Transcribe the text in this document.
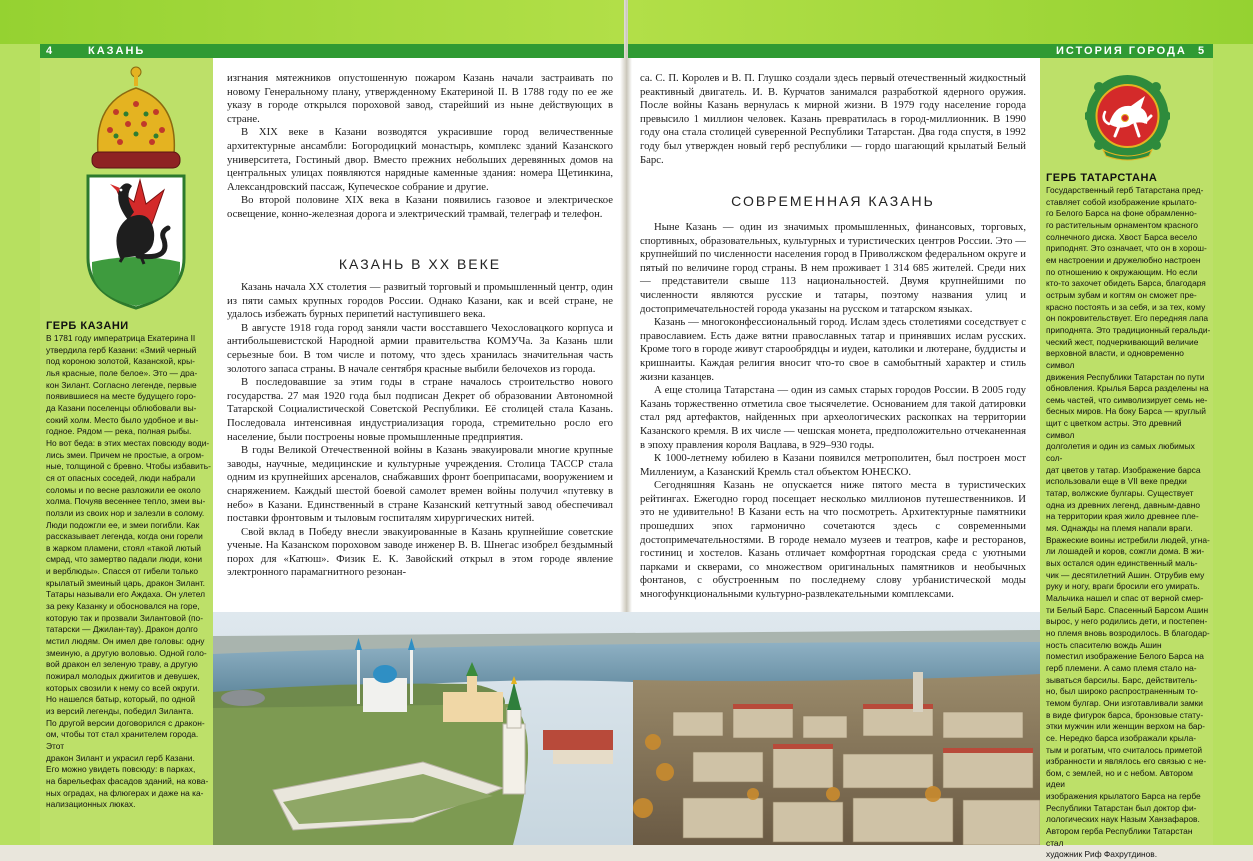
4	КАЗАНЬ	ИСТОРИЯ ГОРОДА 5
ГЕРБ КАЗАНИ
В 1781 году императрица Екатерина II
утвердила герб Казани: «Змий черный
под короною золотой, Казанской, кры-
лья красные, поле белое». Это — дра-
кон Зилант. Согласно легенде, первые
появившиеся на месте будущего горо-
да Казани поселенцы облюбовали вы-
сокий холм. Место было удобное и вы-
годное. Рядом — река, полная рыбы.
Но вот беда: в этих местах повсюду води-
лись змеи. Причем не простые, а огром-
ные, толщиной с бревно. Чтобы избавить-
ся от опасных соседей, люди набрали
соломы и по весне разложили ее около
холма. Почуяв весеннее тепло, змеи вы-
ползли из своих нор и залезли в солому.
Люди подожгли ее, и змеи погибли. Как
рассказывает легенда, когда они горели
в жарком пламени, стоял «такой лютый
смрад, что замертво падали люди, кони
и верблюды». Спасся от гибели только
крылатый змеиный царь, дракон Зилант.
Татары называли его Аждаха. Он улетел
за реку Казанку и обосновался на горе,
которую так и прозвали Зилантовой (по-
татарски — Джилан-тау). Дракон долго
мстил людям. Он имел две головы: одну
змеиную, а другую воловью. Одной голо-
вой дракон ел зеленую траву, а другую
пожирал молодых джигитов и девушек,
которых свозили к нему со всей округи.
Но нашелся батыр, который, по одной
из версий легенды, победил Зиланта.
По другой версии договорился с дракон-
ом, чтобы тот стал хранителем города. Этот
дракон Зилант и украсил герб Казани.
Его можно увидеть повсюду: в парках,
на барельефах фасадов зданий, на кова-
ных оградах, на флюгерах и даже на ка-
нализационных люках.
ГЕРБ ТАТАРСТАНА
Государственный герб Татарстана пред-
ставляет собой изображение крылато-
го Белого Барса на фоне обрамленно-
го растительным орнаментом красного
солнечного диска. Хвост Барса весело
приподнят. Это означает, что он в хорош-
ем настроении и дружелюбно настроен
по отношению к окружающим. Но если
кто-то захочет обидеть Барса, благодаря
острым зубам и когтям он сможет пре-
красно постоять и за себя, и за тех, кому
он покровительствует. Его передняя лапа
приподнята. Это традиционный геральди-
ческий жест, подчеркивающий величие
верховной власти, и одновременно символ
движения Республики Татарстан по пути
обновления. Крылья Барса разделены на
семь частей, что символизирует семь не-
бесных миров. На боку Барса — круглый
щит с цветком астры. Это древний символ
долголетия и один из самых любимых сол-
дат цветов у татар. Изображение барса
использовали еще в VII веке предки
татар, волжские булгары. Существует
одна из древних легенд, давным-давно
на территории края жило древнее пле-
мя. Однажды на племя напали враги.
Вражеские воины истребили людей, угна-
ли лошадей и коров, сожгли дома. В жи-
вых остался один единственный маль-
чик — десятилетний Ашин. Отрубив ему
руку и ногу, враги бросили его умирать.
Мальчика нашел и спас от верной смер-
ти Белый Барс. Спасенный Барсом Ашин
вырос, у него родились дети, и постепен-
но племя вновь возродилось. В благодар-
ность спасителю вождь Ашин
поместил изображение Белого Барса на
герб племени. А само племя стало на-
зываться барсилы. Барс, действитель-
но, был широко распространенным то-
темом булгар. Они изготавливали замки
в виде фигурок барса, бронзовые стату-
этки мужчин или женщин верхом на бар-
се. Нередко барса изображали крыла-
тым и рогатым, что считалось приметой
избранности и являлось его связью с не-
бом, с землей, но и с небом. Автором идеи
изображения крылатого Барса на гербе
Республики Татарстан был доктор фи-
лологических наук Назым Ханзафаров.
Автором герба Республики Татарстан стал
художник Риф Фахрутдинов.

изгнания мятежников опустошенную пожаром Казань начали застраивать по новому Генеральному плану, утвержденному Екатериной II. В 1788 году по ее же указу в городе открылся пороховой завод, старейший из ныне действующих в стране.

В XIX веке в Казани возводятся украсившие город величественные архитектурные ансамбли: Богородицкий монастырь, комплекс зданий Казанского университета, Гостиный двор. Вместо прежних небольших деревянных домов на центральных улицах появляются нарядные каменные здания: номера Щетинкина, Александровский пассаж, Купеческое собрание и другие.

Во второй половине XIX века в Казани появились газовое и электрическое освещение, конно-железная дорога и электрический трамвай, телеграф и телефон.

КАЗАНЬ В XX ВЕКЕ

Казань начала XX столетия — развитый торговый и промышленный центр, один из пяти самых крупных городов России. Однако Казани, как и всей стране, не удалось избежать бурных перипетий наступившего века.

В августе 1918 года город заняли части восставшего Чехословацкого корпуса и антибольшевистской Народной армии правительства КОМУЧа. За Казань шли серьезные бои. В том числе и потому, что здесь хранилась значительная часть золотого запаса страны. В начале сентября красные выбили белочехов из города.

В последовавшие за этим годы в стране началось строительство нового государства. 27 мая 1920 года был подписан Декрет об образовании Автономной Татарской Социалистической Советской Республики. Её столицей стала Казань. Последовала интенсивная индустриализация города, стремительно росло его население, были построены новые промышленные предприятия.

В годы Великой Отечественной войны в Казань эвакуировали многие крупные заводы, научные, медицинские и культурные учреждения. Столица ТАССР стала одним из крупнейших арсеналов, снабжавших фронт боеприпасами, вооружением и снаряжением. Каждый шестой боевой самолет времен войны получил «путевку в небо» в Казани. Единственный в стране Казанский кетгутный завод обеспечивал поставки фронтовым и тыловым госпиталям хирургических нитей.

Свой вклад в Победу внесли эвакуированные в Казань крупнейшие советские ученые. На Казанском пороховом заводе инженер В. В. Шнегас изобрел бездымный порох для «Катюш». Физик Е. К. Завойский открыл в этом городе явление электронного парамагнитного резонан-

са. С. П. Королев и В. П. Глушко создали здесь первый отечественный жидкостный реактивный двигатель. И. В. Курчатов занимался разработкой ядерного оружия. После войны Казань вернулась к мирной жизни. В 1979 году население города превысило 1 миллион человек. Казань превратилась в город-миллионник. В 1990 году она стала столицей суверенной Республики Татарстан. Два года спустя, в 1992 году был утвержден новый герб республики — гордо шагающий крылатый Белый Барс.

СОВРЕМЕННАЯ КАЗАНЬ

Ныне Казань — один из значимых промышленных, финансовых, торговых, спортивных, образовательных, культурных и туристических центров России. Это — крупнейший по численности населения город в Приволжском федеральном округе и пятый по величине город страны. В нем проживает 1 314 685 жителей. Среди них — представители свыше 113 национальностей. Двумя крупнейшими по численности являются русские и татары, поэтому названия улиц и достопримечательностей города указаны на русском и татарском языках.

Казань — многоконфессиональный город. Ислам здесь столетиями соседствует с православием. Есть даже вятни православных татар и принявших ислам русских. Кроме того в городе живут старообрядцы и иудеи, католики и лютеране, буддисты и кришнаиты. Каждая религия вносит что-то свое в самобытный характер и стиль жизни казанцев.

А еще столица Татарстана — один из самых старых городов России. В 2005 году Казань торжественно отметила свое тысячелетие. Основанием для такой датировки стал ряд артефактов, найденных при археологических раскопках на территории Казанского кремля. В их числе — чешская монета, предположительно отчеканенная в эпоху правления короля Вацлава, в 929–930 годы.

К 1000-летнему юбилею в Казани появился метрополитен, был построен мост Миллениум, а Казанский Кремль стал объектом ЮНЕСКО.

Сегодняшняя Казань не опускается ниже пятого места в туристических рейтингах. Ежегодно город посещает несколько миллионов путешественников. И это не удивительно! В Казани есть на что посмотреть. Архитектурные памятники прошедших эпох гармонично сочетаются здесь с современными достопримечательностями. В городе немало музеев и театров, кафе и ресторанов, гостиниц и хостелов. Казань отличает комфортная городская среда с уютными парками и скверами, со множеством оригинальных памятников и необычных фонтанов, с обустроенным по последнему слову урбанистической моды многофункциональными культурно-развлекательными комплексами.
